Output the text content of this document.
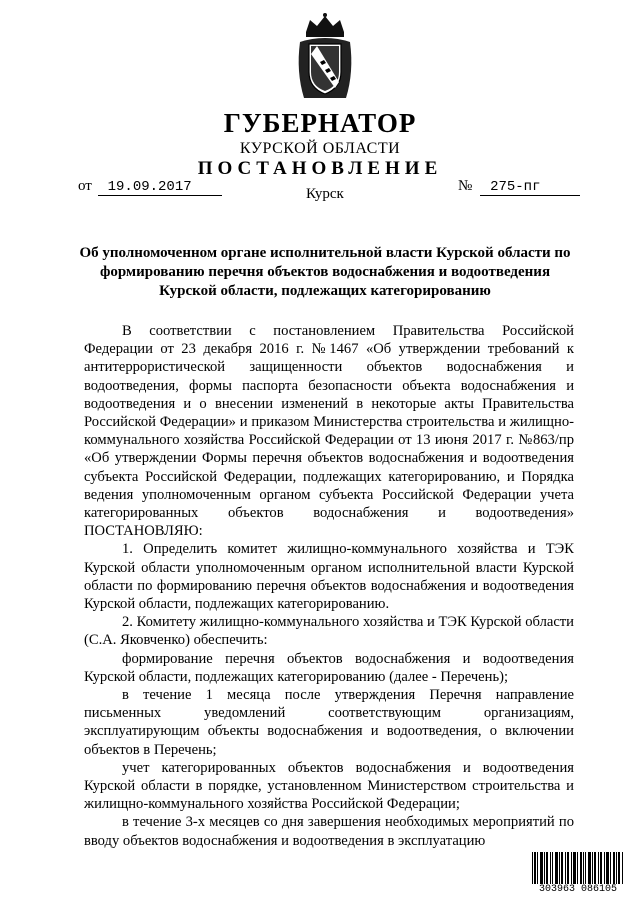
ГУБЕРНАТОР
КУРСКОЙ ОБЛАСТИ
ПОСТАНОВЛЕНИЕ
от 19.09.2017	Курск	№ 275-пг
Об уполномоченном органе исполнительной власти Курской области по формированию перечня объектов водоснабжения и водоотведения Курской области, подлежащих категорированию

В соответствии с постановлением Правительства Российской Федерации от 23 декабря 2016 г. №1467 «Об утверждении требований к антитеррористической защищенности объектов водоснабжения и водоотведения, формы паспорта безопасности объекта водоснабжения и водоотведения и о внесении изменений в некоторые акты Правительства Российской Федерации» и приказом Министерства строительства и жилищно-коммунального хозяйства Российской Федерации от 13 июня 2017 г. №863/пр «Об утверждении Формы перечня объектов водоснабжения и водоотведения субъекта Российской Федерации, подлежащих категорированию, и Порядка ведения уполномоченным органом субъекта Российской Федерации учета категорированных объектов водоснабжения и водоотведения» ПОСТАНОВЛЯЮ:

1. Определить комитет жилищно-коммунального хозяйства и ТЭК Курской области уполномоченным органом исполнительной власти Курской области по формированию перечня объектов водоснабжения и водоотведения Курской области, подлежащих категорированию.

2. Комитету жилищно-коммунального хозяйства и ТЭК Курской области (С.А. Яковченко) обеспечить:

формирование перечня объектов водоснабжения и водоотведения Курской области, подлежащих категорированию (далее - Перечень);

в течение 1 месяца после утверждения Перечня направление письменных уведомлений соответствующим организациям, эксплуатирующим объекты водоснабжения и водоотведения, о включении объектов в Перечень;

учет категорированных объектов водоснабжения и водоотведения Курской области в порядке, установленном Министерством строительства и жилищно-коммунального хозяйства Российской Федерации;

в течение 3-х месяцев со дня завершения необходимых мероприятий по вводу объектов водоснабжения и водоотведения в эксплуатацию

303963 086105
